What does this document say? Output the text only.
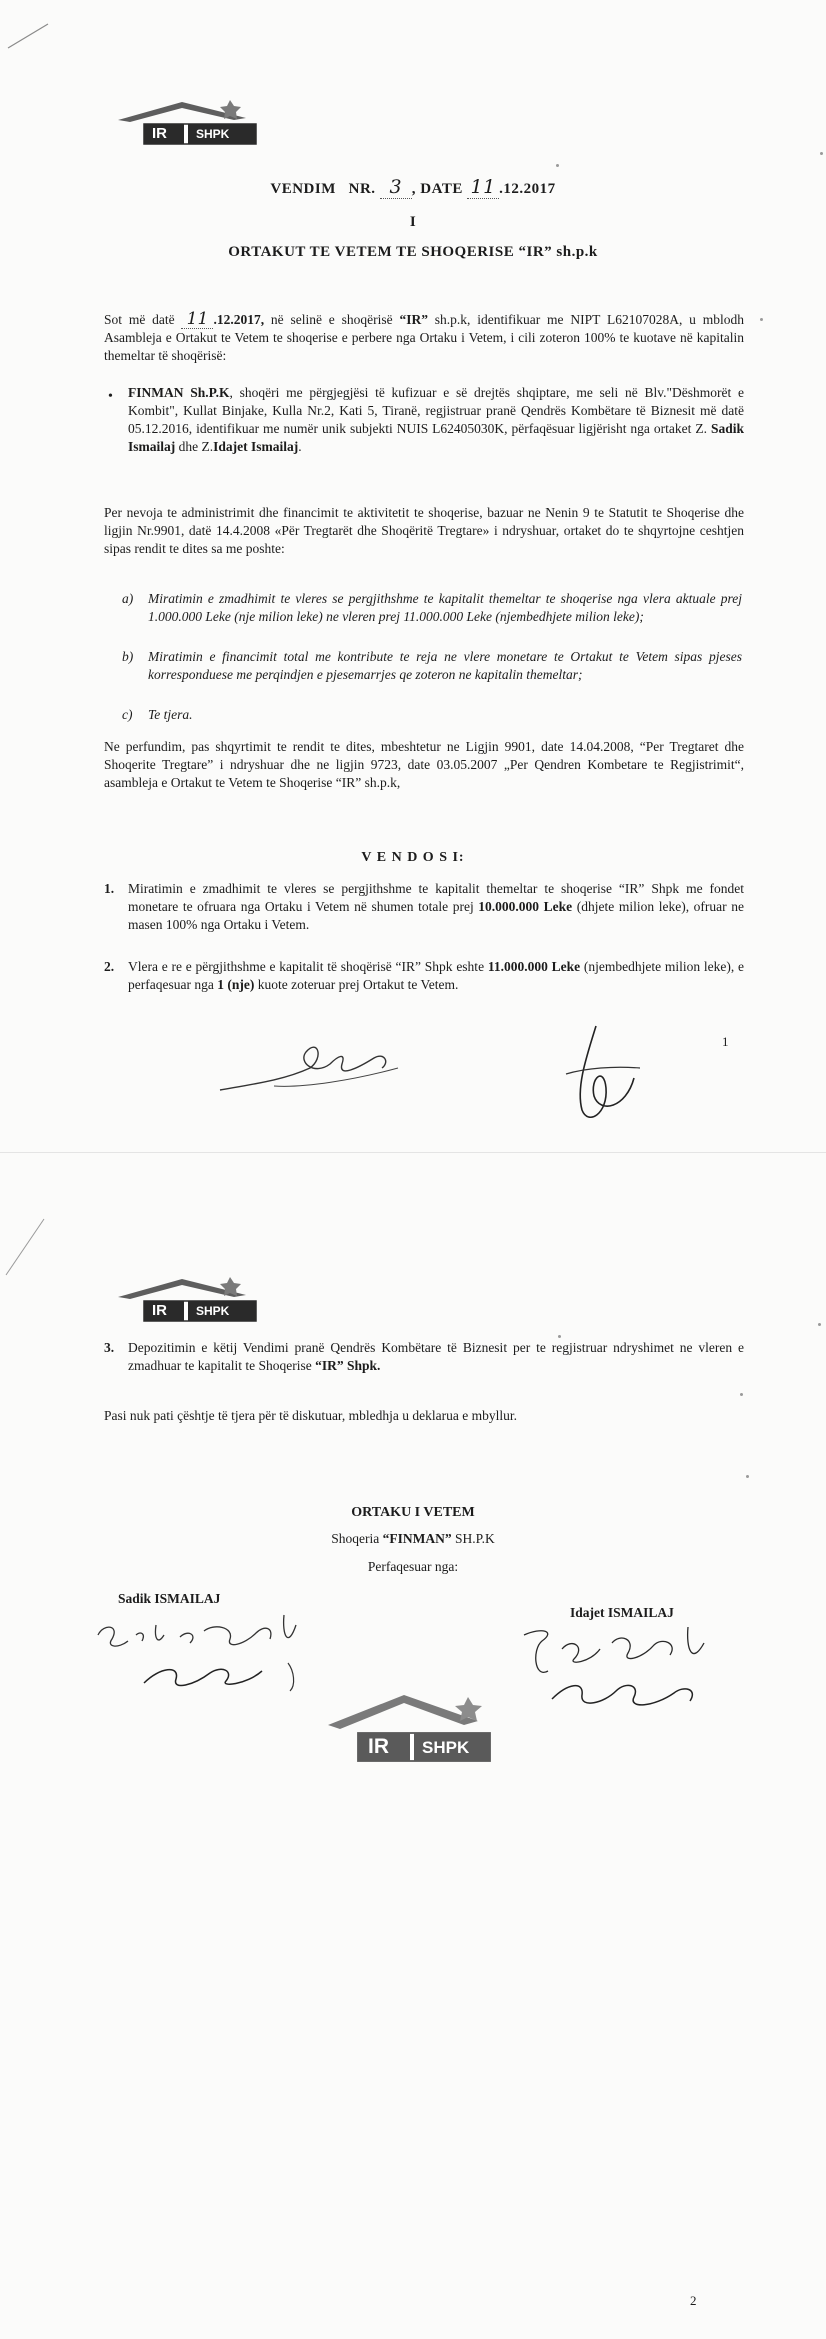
IR SHPK
VENDIM NR. 3 , DATE 11 .12.2017
I
ORTAKUT TE VETEM TE SHOQERISE “IR” sh.p.k
Sot më datë 11 .12.2017, në selinë e shoqërisë “IR” sh.p.k, identifikuar me NIPT L62107028A, u mblodh Asambleja e Ortakut te Vetem te shoqerise e perbere nga Ortaku i Vetem, i cili zoteron 100% te kuotave në kapitalin themeltar të shoqërisë:
• FINMAN Sh.P.K, shoqëri me përgjegjësi të kufizuar e së drejtës shqiptare, me seli në Blv."Dëshmorët e Kombit", Kullat Binjake, Kulla Nr.2, Kati 5, Tiranë, regjistruar pranë Qendrës Kombëtare të Biznesit më datë 05.12.2016, identifikuar me numër unik subjekti NUIS L62405030K, përfaqësuar ligjërisht nga ortaket Z. Sadik Ismailaj dhe Z.Idajet Ismailaj.
Per nevoja te administrimit dhe financimit te aktivitetit te shoqerise, bazuar ne Nenin 9 te Statutit te Shoqerise dhe ligjin Nr.9901, datë 14.4.2008 «Për Tregtarët dhe Shoqëritë Tregtare» i ndryshuar, ortaket do te shqyrtojne ceshtjen sipas rendit te dites sa me poshte:
a) Miratimin e zmadhimit te vleres se pergjithshme te kapitalit themeltar te shoqerise nga vlera aktuale prej 1.000.000 Leke (nje milion leke) ne vleren prej 11.000.000 Leke (njembedhjete milion leke);
b) Miratimin e financimit total me kontribute te reja ne vlere monetare te Ortakut te Vetem sipas pjeses korresponduese me perqindjen e pjesemarrjes qe zoteron ne kapitalin themeltar;
c) Te tjera.
Ne perfundim, pas shqyrtimit te rendit te dites, mbeshtetur ne Ligjin 9901, date 14.04.2008, “Per Tregtaret dhe Shoqerite Tregtare” i ndryshuar dhe ne ligjin 9723, date 03.05.2007 „Per Qendren Kombetare te Regjistrimit“, asambleja e Ortakut te Vetem te Shoqerise “IR” sh.p.k,
V E N D O S I:
1. Miratimin e zmadhimit te vleres se pergjithshme te kapitalit themeltar te shoqerise “IR” Shpk me fondet monetare te ofruara nga Ortaku i Vetem në shumen totale prej 10.000.000 Leke (dhjete milion leke), ofruar ne masen 100% nga Ortaku i Vetem.
2. Vlera e re e përgjithshme e kapitalit të shoqërisë “IR” Shpk eshte 11.000.000 Leke (njembedhjete milion leke), e perfaqesuar nga 1 (nje) kuote zoteruar prej Ortakut te Vetem.
1
IR SHPK
3. Depozitimin e këtij Vendimi pranë Qendrës Kombëtare të Biznesit per te regjistruar ndryshimet ne vleren e zmadhuar te kapitalit te Shoqerise “IR” Shpk.
Pasi nuk pati çështje të tjera për të diskutuar, mbledhja u deklarua e mbyllur.
ORTAKU I VETEM
Shoqeria “FINMAN” SH.P.K
Perfaqesuar nga:
Sadik ISMAILAJ
Idajet ISMAILAJ
IR SHPK
2
